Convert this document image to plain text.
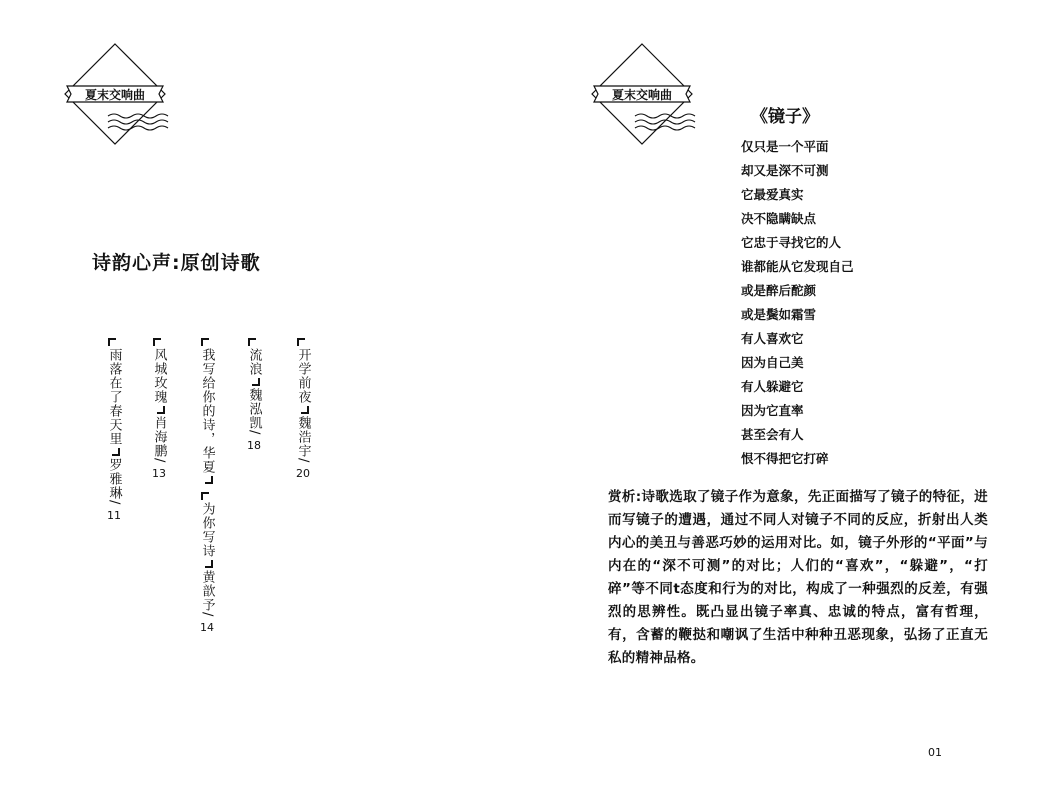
夏末交响曲
诗韵心声:原创诗歌
雨落在了春天里
罗雅琳
/
11
风城玫瑰
肖海鹏
/
13	我写给你的诗，华夏
为你写诗
黄歆予
/
14
流浪
魏泓凯
/
18
开学前夜
魏浩宇
/
20
夏末交响曲
《镜子》
仅只是一个平面
却又是深不可测
它最爱真实
决不隐瞒缺点
它忠于寻找它的人
谁都能从它发现自己
或是醉后酡颜
或是鬓如霜雪
有人喜欢它
因为自己美
有人躲避它
因为它直率
甚至会有人
恨不得把它打碎
赏析:诗歌选取了镜子作为意象，先正面描写了镜子的特征，进而写镜子的遭遇，通过不同人对镜子不同的反应，折射出人类内心的美丑与善恶巧妙的运用对比。如，镜子外形的“平面”与内在的“深不可测”的对比；人们的“喜欢”，“躲避”，“打碎”等不同t态度和行为的对比，构成了一种强烈的反差，有强烈的思辨性。既凸显出镜子率真、忠诚的特点，富有哲理，有，含蓄的鞭挞和嘲讽了生活中种种丑恶现象，弘扬了正直无私的精神品格。
01
